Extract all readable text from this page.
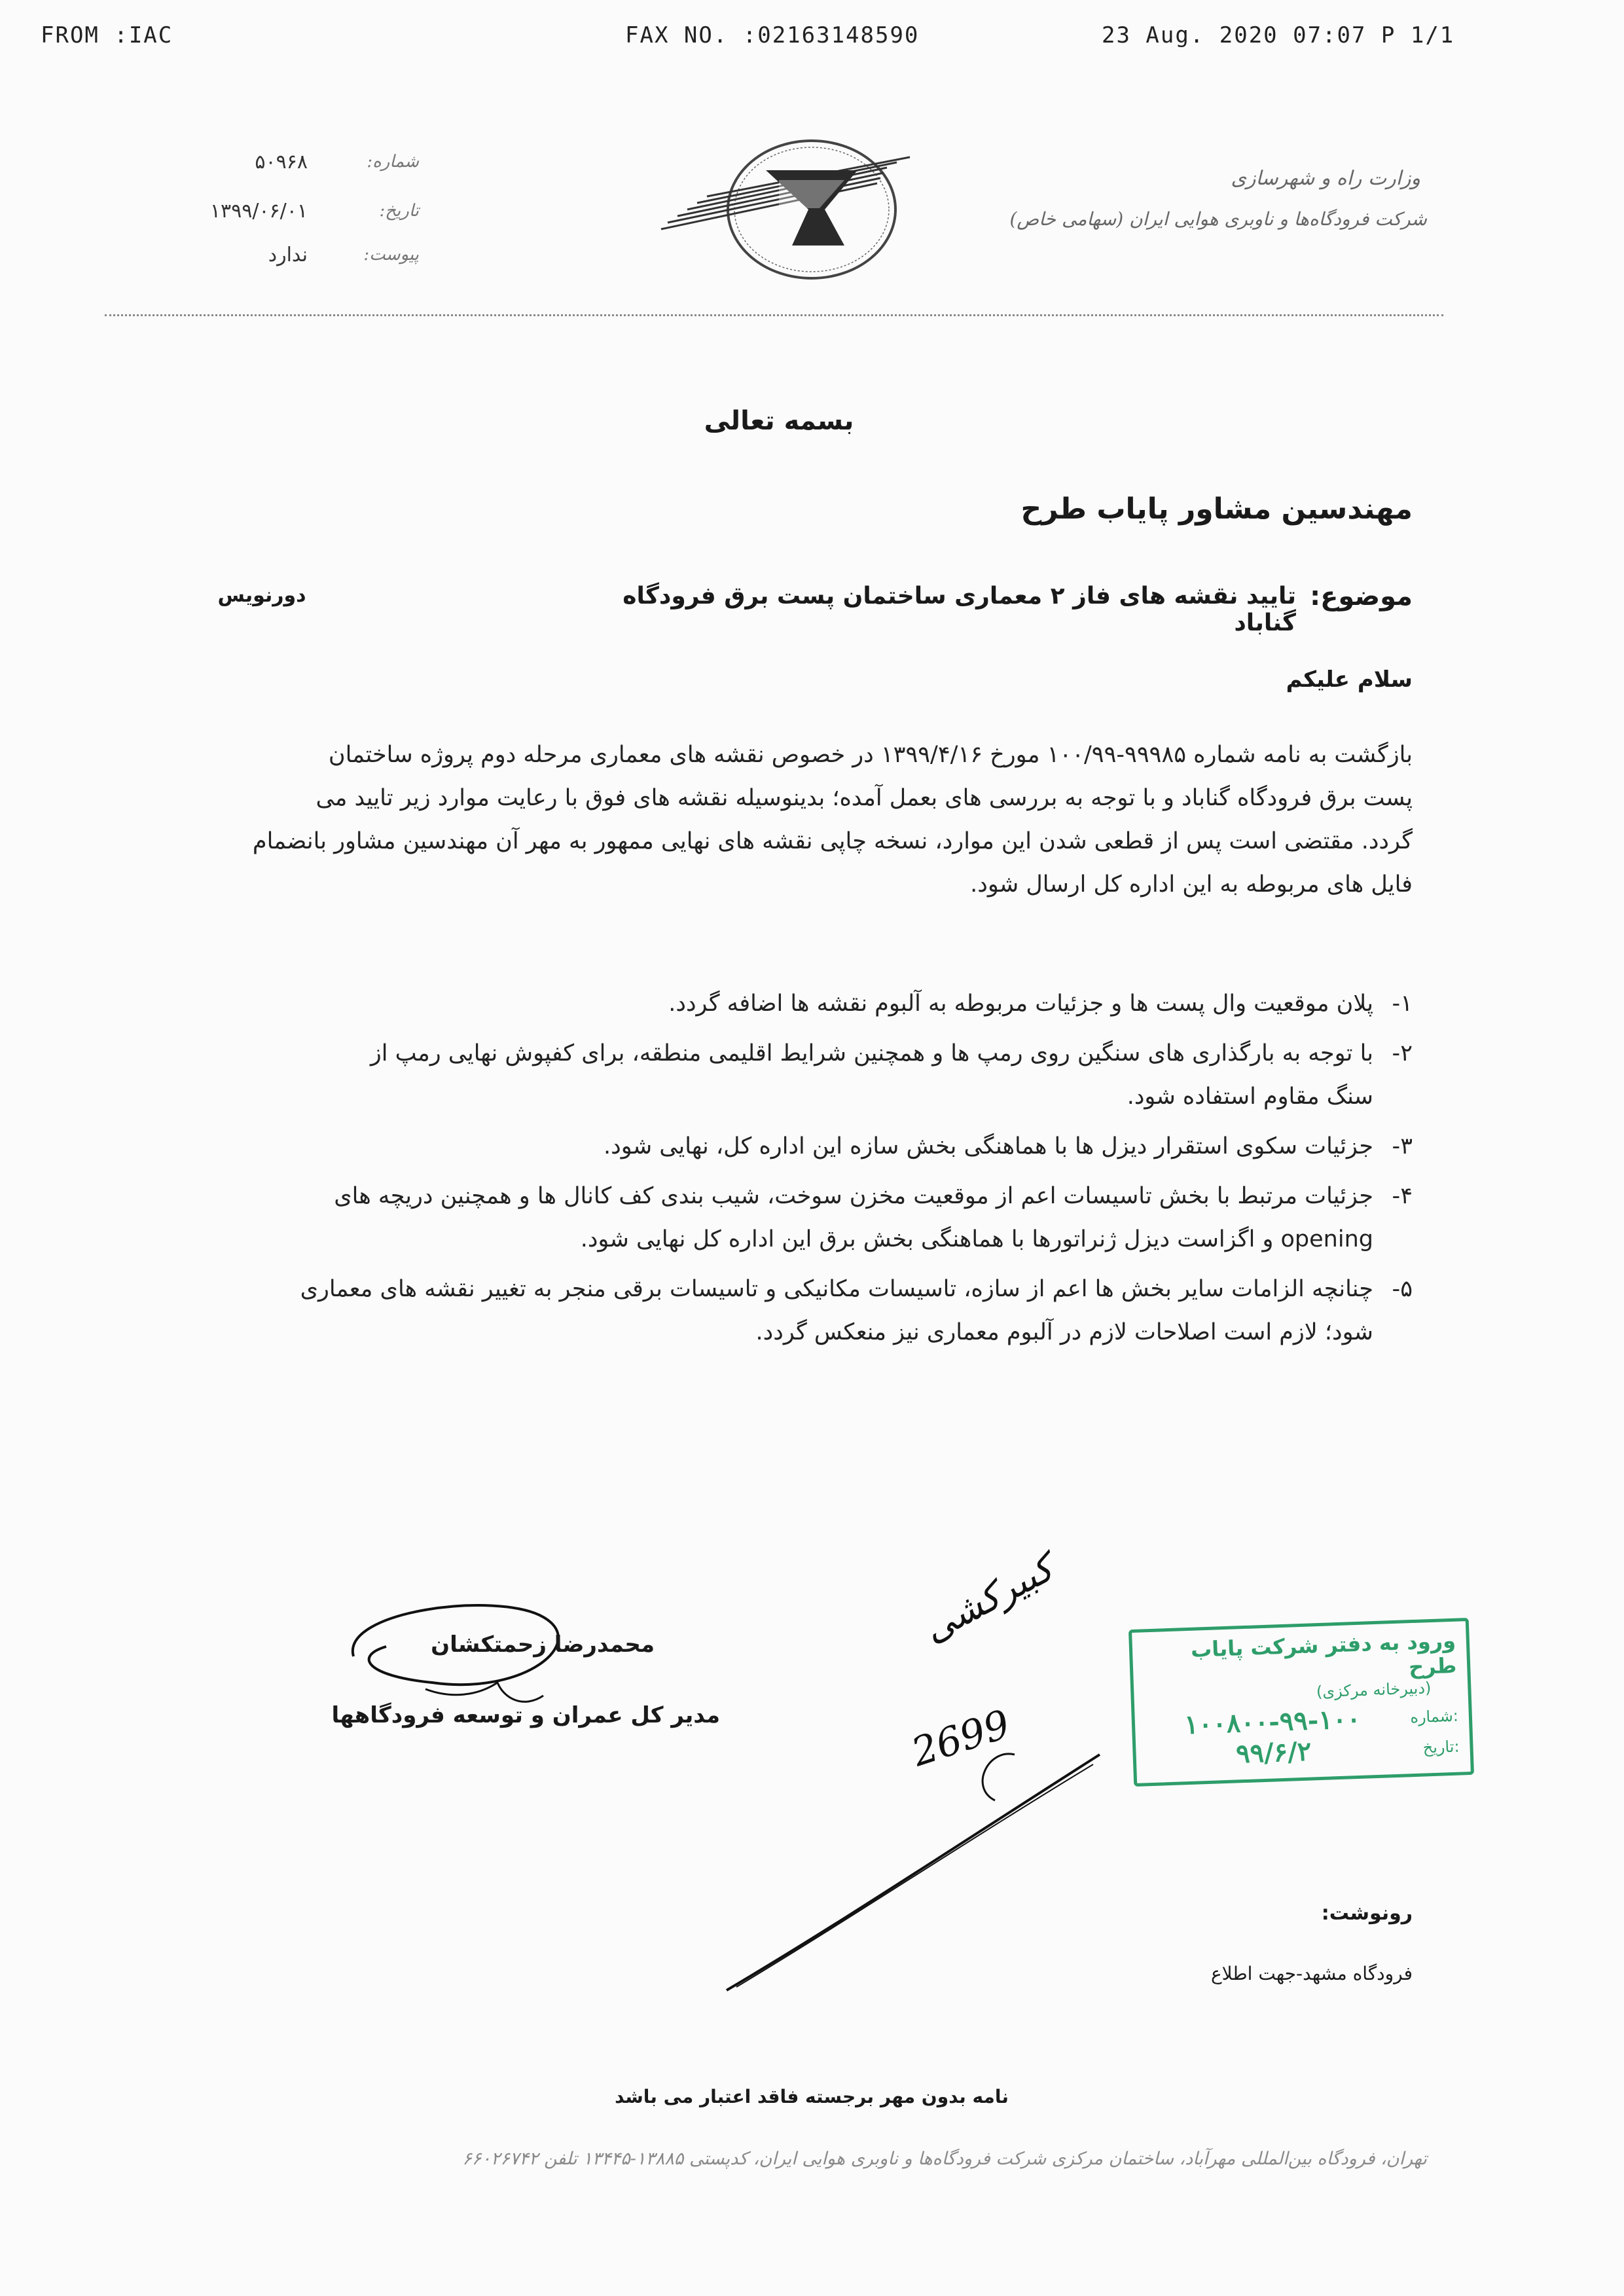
FROM :IAC	FAX NO. :02163148590	23 Aug. 2020 07:07 P 1/1
۵۰۹۶۸	شماره:
۱۳۹۹/۰۶/۰۱	تاریخ:
ندارد	پیوست:
وزارت راه و شهرسازی
شرکت فرودگاه‌ها و ناوبری هوایی ایران (سهامی خاص)
بسمه تعالی
مهندسین مشاور پایاب طرح
موضوع:
تایید نقشه های فاز ۲ معماری ساختمان پست برق فرودگاه گناباد
دورنویس
سلام علیکم
بازگشت به نامه شماره ۹۹۹۸۵-۱۰۰/۹۹ مورخ ۱۳۹۹/۴/۱۶ در خصوص نقشه های معماری مرحله دوم پروژه ساختمان
پست برق فرودگاه گناباد و با توجه به بررسی های بعمل آمده؛ بدینوسیله نقشه های فوق با رعایت موارد زیر تایید می
گردد. مقتضی است پس از قطعی شدن این موارد، نسخه چاپی نقشه های نهایی ممهور به مهر آن مهندسین مشاور بانضمام
فایل های مربوطه به این اداره کل ارسال شود.
۱-
پلان موقعیت وال پست ها و جزئیات مربوطه به آلبوم نقشه ها اضافه گردد.
۲-
با توجه به بارگذاری های سنگین روی رمپ ها و همچنین شرایط اقلیمی منطقه، برای کفپوش نهایی رمپ از
سنگ مقاوم استفاده شود.
۳-
جزئیات سکوی استقرار دیزل ها با هماهنگی بخش سازه این اداره کل، نهایی شود.
۴-
جزئیات مرتبط با بخش تاسیسات اعم از موقعیت مخزن سوخت، شیب بندی کف کانال ها و همچنین دریچه های
opening و اگزاست دیزل ژنراتورها با هماهنگی بخش برق این اداره کل نهایی شود.
۵-
چنانچه الزامات سایر بخش ها اعم از سازه، تاسیسات مکانیکی و تاسیسات برقی منجر به تغییر نقشه های معماری
شود؛ لازم است اصلاحات لازم در آلبوم معماری نیز منعکس گردد.
محمدرضا زحمتکشان
مدیر کل عمران و توسعه فرودگاهها
کبیرکشی
2699
ورود به دفتر شرکت پایاب طرح
(دبیرخانه مرکزی)
شماره:
۱۰۰۸۰۰-۹۹-۱۰۰
تاریخ:
۹۹/۶/۲
رونوشت:
فرودگاه مشهد-جهت اطلاع
نامه بدون مهر برجسته فاقد اعتبار می باشد
تهران، فرودگاه بین‌المللی مهرآباد، ساختمان مرکزی شرکت فرودگاه‌ها و ناوبری هوایی ایران، کدپستی ۱۳۸۸۵-۱۳۴۴۵ تلفن ۶۶۰۲۶۷۴۲
